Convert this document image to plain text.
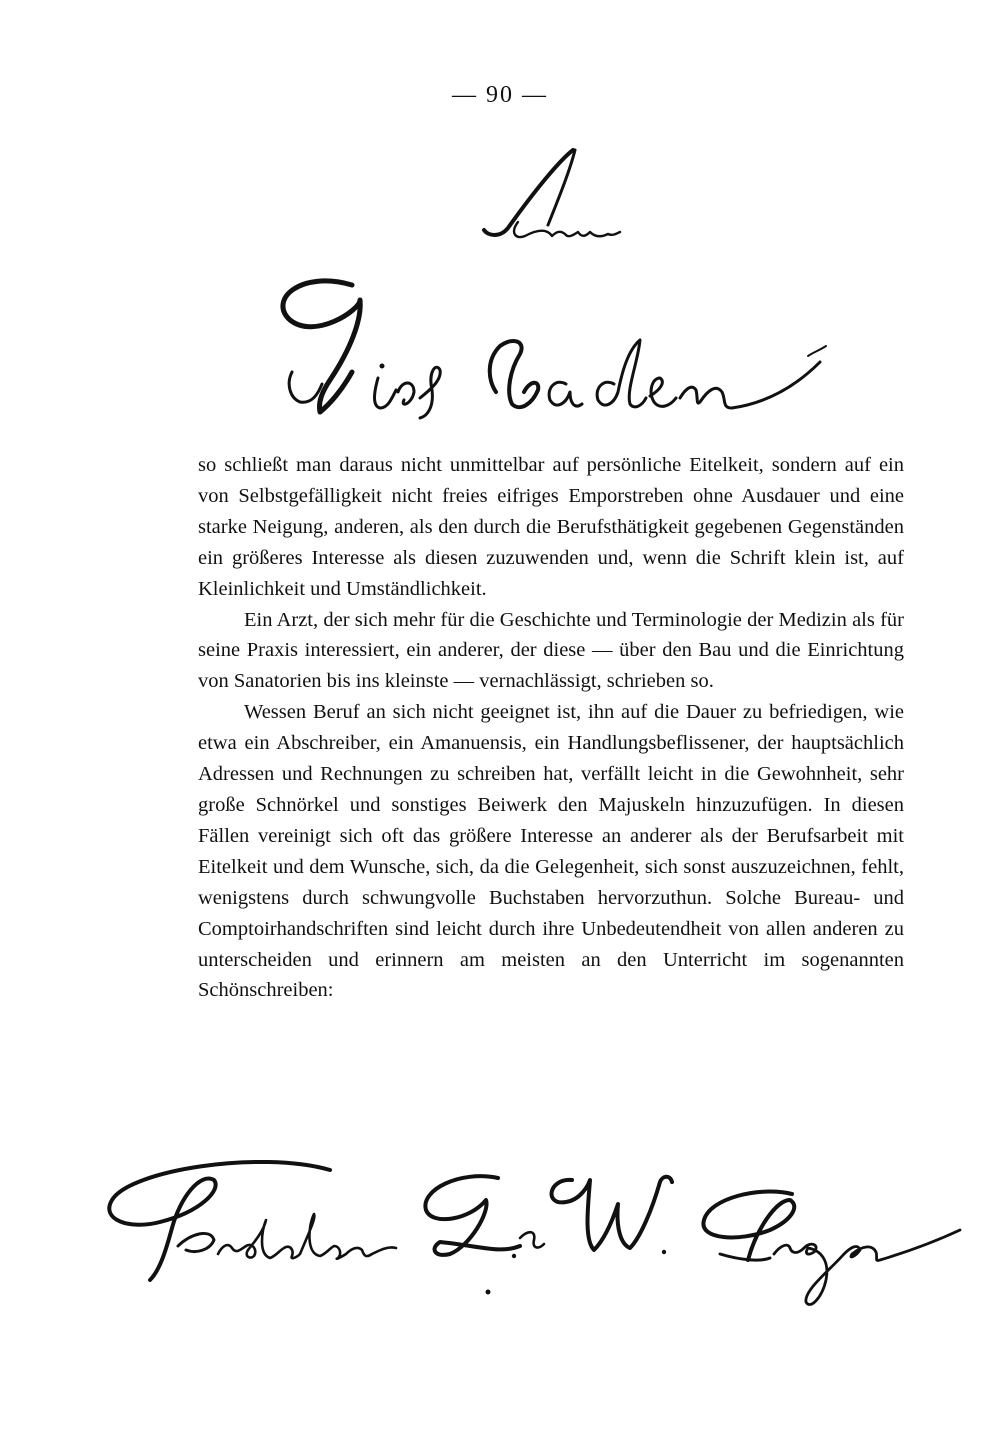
— 90 —
Herrn
Wiesbaden

so schließt man daraus nicht unmittelbar auf persönliche Eitelkeit, sondern auf ein von Selbstgefälligkeit nicht freies eifriges Emporstreben ohne Ausdauer und eine starke Neigung, anderen, als den durch die Berufsthätigkeit gegebenen Gegenständen ein größeres Interesse als diesen zuzuwenden und, wenn die Schrift klein ist, auf Kleinlichkeit und Umständlichkeit.

Ein Arzt, der sich mehr für die Geschichte und Terminologie der Medizin als für seine Praxis interessiert, ein anderer, der diese — über den Bau und die Einrichtung von Sanatorien bis ins kleinste — vernachlässigt, schrieben so.

Wessen Beruf an sich nicht geeignet ist, ihn auf die Dauer zu befriedigen, wie etwa ein Abschreiber, ein Amanuensis, ein Handlungsbeflissener, der hauptsächlich Adressen und Rechnungen zu schreiben hat, verfällt leicht in die Gewohnheit, sehr große Schnörkel und sonstiges Beiwerk den Majuskeln hinzuzufügen. In diesen Fällen vereinigt sich oft das größere Interesse an anderer als der Berufsarbeit mit Eitelkeit und dem Wunsche, sich, da die Gelegenheit, sich sonst auszuzeichnen, fehlt, wenigstens durch schwungvolle Buchstaben hervorzuthun. Solche Bureau- und Comptoirhandschriften sind leicht durch ihre Unbedeutendheit von allen anderen zu unterscheiden und erinnern am meisten an den Unterricht im sogenannten Schönschreiben:

Professor Dr. W. Preyer
